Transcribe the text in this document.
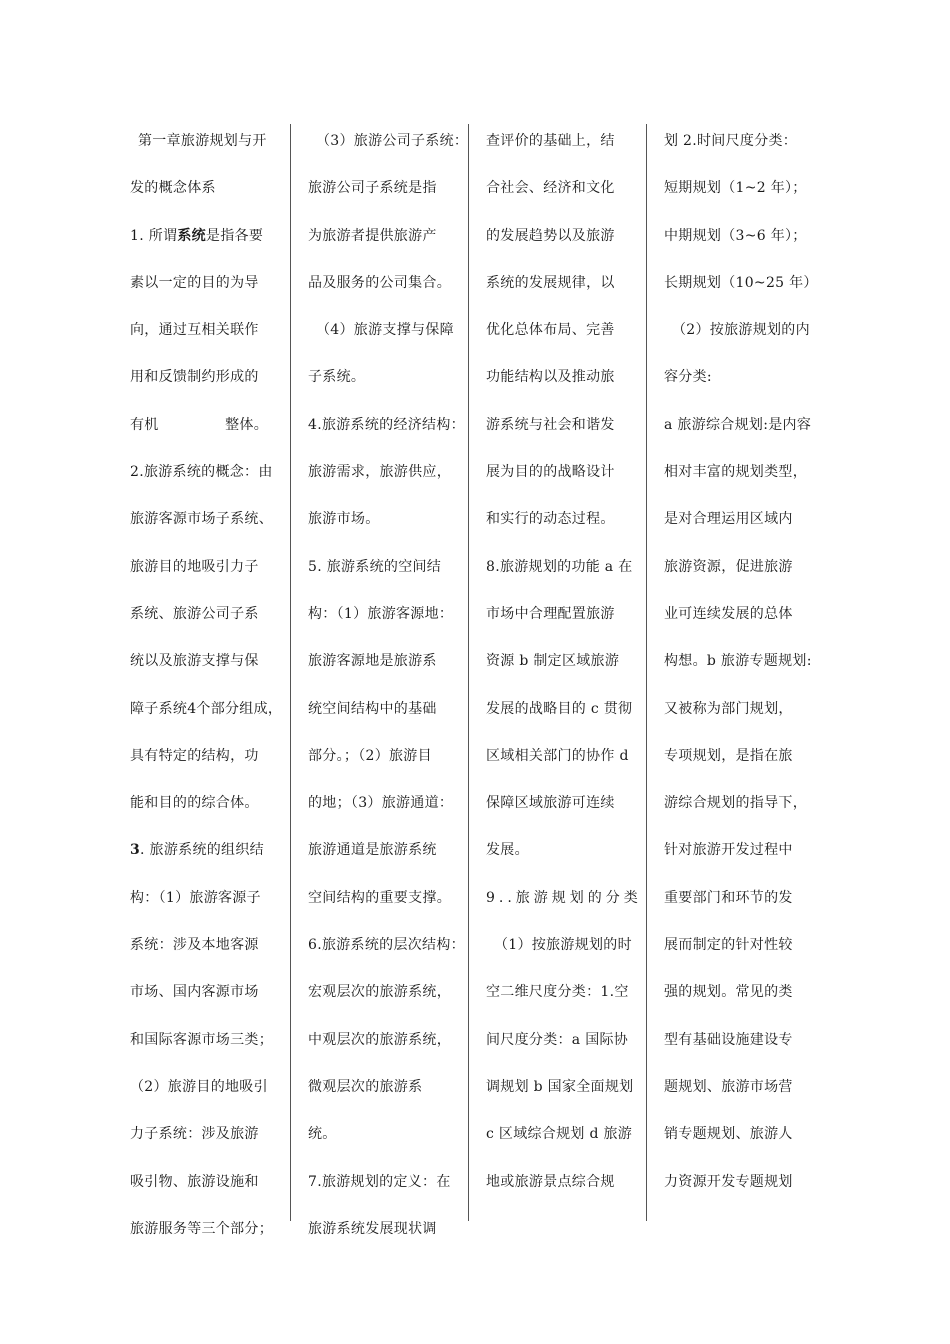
第一章旅游规划与开

发的概念体系

1. 所谓系统是指各要

素以一定的目的为导

向，通过互相关联作

用和反馈制约形成的

有机	整体。

2.旅游系统的概念：由

旅游客源市场子系统、

旅游目的地吸引力子

系统、旅游公司子系

统以及旅游支撑与保

障子系统4个部分组成，

具有特定的结构，功

能和目的的综合体。

3. 旅游系统的组织结

构：（1）旅游客源子

系统：涉及本地客源

市场、国内客源市场

和国际客源市场三类；

（2）旅游目的地吸引

力子系统：涉及旅游

吸引物、旅游设施和

旅游服务等三个部分；

（3）旅游公司子系统：

旅游公司子系统是指

为旅游者提供旅游产

品及服务的公司集合。

（4）旅游支撑与保障

子系统。

4.旅游系统的经济结构：

旅游需求，旅游供应，

旅游市场。

5. 旅游系统的空间结

构：（1）旅游客源地：

旅游客源地是旅游系

统空间结构中的基础

部分。；（2）旅游目

的地；（3）旅游通道：

旅游通道是旅游系统

空间结构的重要支撑。

6.旅游系统的层次结构：

宏观层次的旅游系统，

中观层次的旅游系统，

微观层次的旅游系

统。

7.旅游规划的定义：在

旅游系统发展现状调

查评价的基础上，结

合社会、经济和文化

的发展趋势以及旅游

系统的发展规律，以

优化总体布局、完善

功能结构以及推动旅

游系统与社会和谐发

展为目的的战略设计

和实行的动态过程。

8.旅游规划的功能 a 在

市场中合理配置旅游

资源 b 制定区域旅游

发展的战略目的 c 贯彻

区域相关部门的协作 d

保障区域旅游可连续

发展。

9..旅游规划的分类

（1）按旅游规划的时

空二维尺度分类：1.空

间尺度分类：a 国际协

调规划 b 国家全面规划

c 区域综合规划 d 旅游

地或旅游景点综合规

划 2.时间尺度分类：

短期规划（1~2 年）；

中期规划（3~6 年）；

长期规划（10~25 年）

（2）按旅游规划的内

容分类:

a 旅游综合规划:是内容

相对丰富的规划类型，

是对合理运用区域内

旅游资源，促进旅游

业可连续发展的总体

构想。b 旅游专题规划:

又被称为部门规划，

专项规划，是指在旅

游综合规划的指导下，

针对旅游开发过程中

重要部门和环节的发

展而制定的针对性较

强的规划。常见的类

型有基础设施建设专

题规划、旅游市场营

销专题规划、旅游人

力资源开发专题规划
